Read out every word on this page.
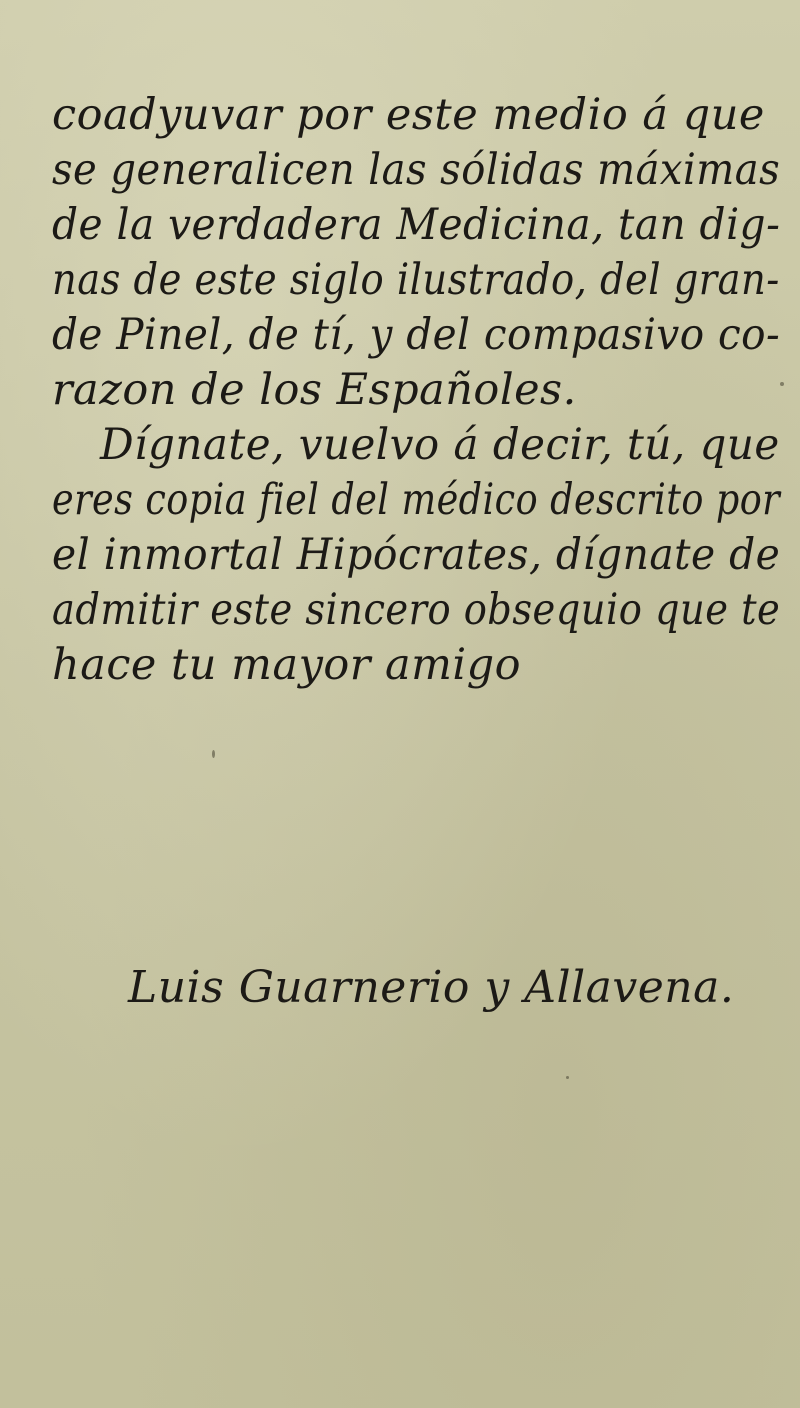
coadyuvar por este medio á que
se generalicen las sólidas máximas
de la verdadera Medicina, tan dig-
nas de este siglo ilustrado, del gran-
de Pinel, de tí, y del compasivo co-
razon de los Españoles.
Dígnate, vuelvo á decir, tú, que
eres copia fiel del médico descrito por
el inmortal Hipócrates, dígnate de
admitir este sincero obsequio que te
hace tu mayor amigo
Luis Guarnerio y Allavena.
